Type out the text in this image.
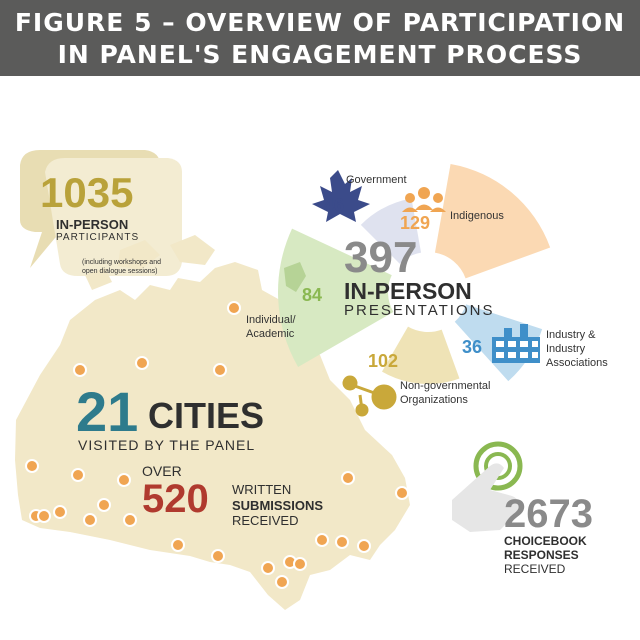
FIGURE 5 – OVERVIEW OF PARTICIPATION
IN PANEL'S ENGAGEMENT PROCESS
1035
IN-PERSON
PARTICIPANTS
(including workshops and
open dialogue sessions)	397
IN-PERSON
PRESENTATIONS
46
Government
129 Indigenous
36
Industry &
Industry
Associations
102
Non-governmental
Organizations
84
Individual/
Academic
21 CITIES
VISITED BY THE PANEL
OVER
520 WRITTEN
SUBMISSIONS
RECEIVED	2673
CHOICEBOOK
RESPONSES
RECEIVED
